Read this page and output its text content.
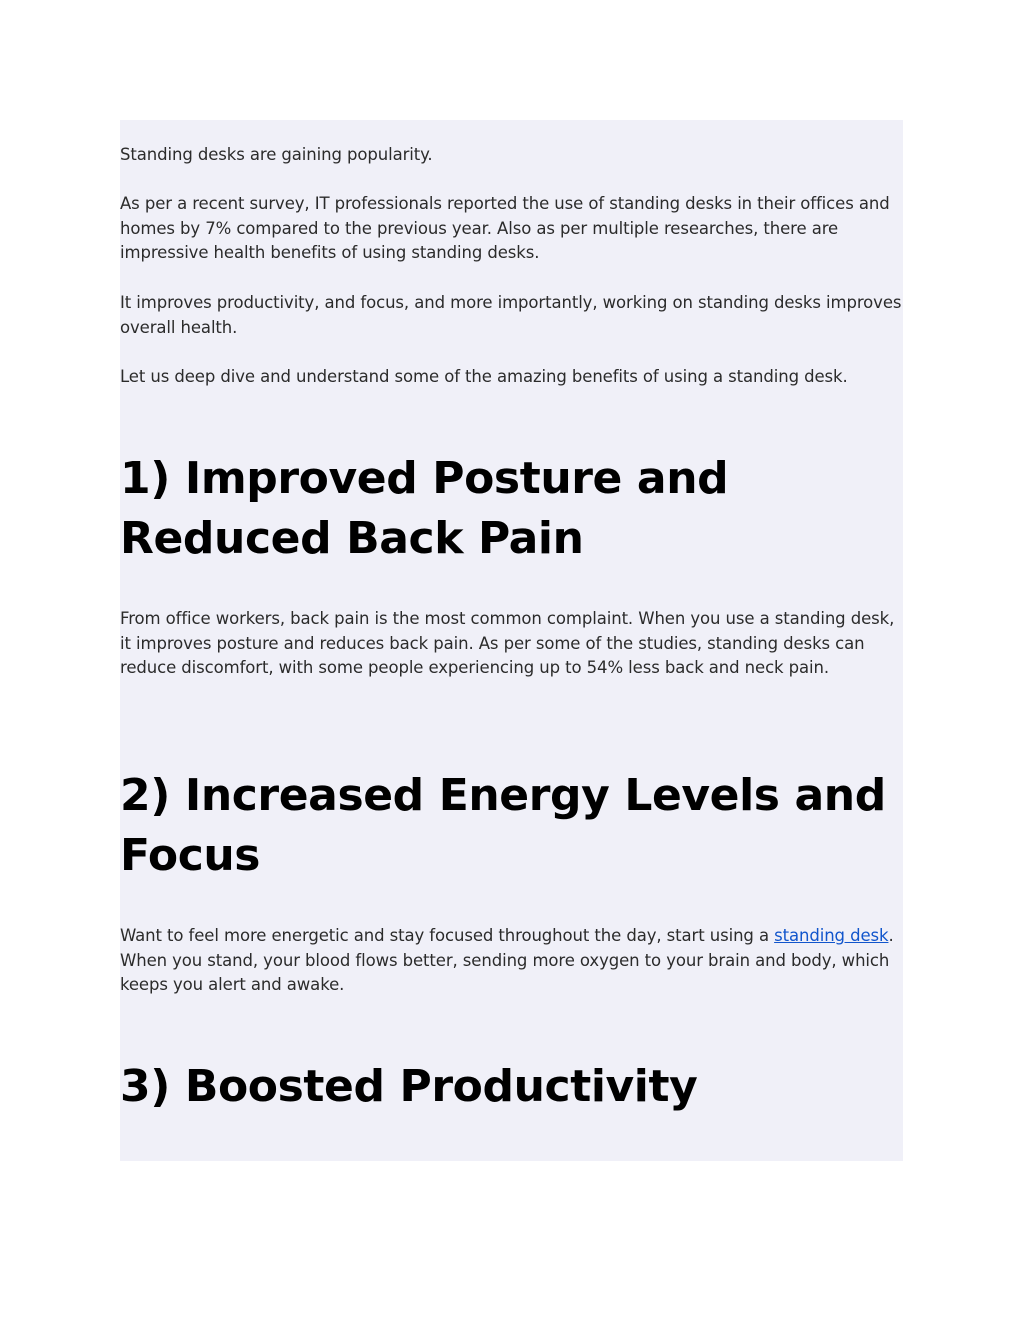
Standing desks are gaining popularity.

As per a recent survey, IT professionals reported the use of standing desks in their offices and homes by 7% compared to the previous year. Also as per multiple researches, there are impressive health benefits of using standing desks.

It improves productivity, and focus, and more importantly, working on standing desks improves overall health.

Let us deep dive and understand some of the amazing benefits of using a standing desk.

1) Improved Posture and Reduced Back Pain

From office workers, back pain is the most common complaint. When you use a standing desk, it improves posture and reduces back pain. As per some of the studies, standing desks can reduce discomfort, with some people experiencing up to 54% less back and neck pain.

2) Increased Energy Levels and Focus

Want to feel more energetic and stay focused throughout the day, start using a standing desk. When you stand, your blood flows better, sending more oxygen to your brain and body, which keeps you alert and awake.

3) Boosted Productivity
